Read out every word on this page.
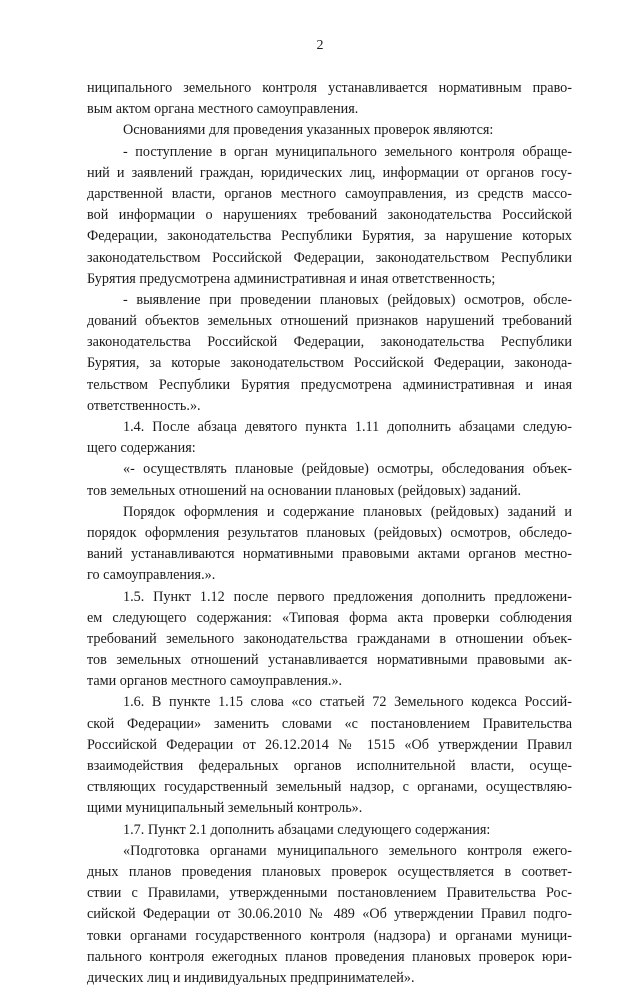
2
ниципального земельного контроля устанавливается нормативным право-
вым актом органа местного самоуправления.
Основаниями для проведения указанных проверок являются:
- поступление в орган муниципального земельного контроля обраще-
ний и заявлений граждан, юридических лиц, информации от органов госу-
дарственной власти, органов местного самоуправления, из средств массо-
вой информации о нарушениях требований законодательства Российской
Федерации, законодательства Республики Бурятия, за нарушение которых
законодательством Российской Федерации, законодательством Республики
Бурятия предусмотрена административная и иная ответственность;
- выявление при проведении плановых (рейдовых) осмотров, обсле-
дований объектов земельных отношений признаков нарушений требований
законодательства Российской Федерации, законодательства Республики
Бурятия, за которые законодательством Российской Федерации, законода-
тельством Республики Бурятия предусмотрена административная и иная
ответственность.».
1.4. После абзаца девятого пункта 1.11 дополнить абзацами следую-
щего содержания:
«- осуществлять плановые (рейдовые) осмотры, обследования объек-
тов земельных отношений на основании плановых (рейдовых) заданий.
Порядок оформления и содержание плановых (рейдовых) заданий и
порядок оформления результатов плановых (рейдовых) осмотров, обследо-
ваний устанавливаются нормативными правовыми актами органов местно-
го самоуправления.».
1.5. Пункт 1.12 после первого предложения дополнить предложени-
ем следующего содержания: «Типовая форма акта проверки соблюдения
требований земельного законодательства гражданами в отношении объек-
тов земельных отношений устанавливается нормативными правовыми ак-
тами органов местного самоуправления.».
1.6. В пункте 1.15 слова «со статьей 72 Земельного кодекса Россий-
ской Федерации» заменить словами «с постановлением Правительства
Российской Федерации от 26.12.2014 № 1515 «Об утверждении Правил
взаимодействия федеральных органов исполнительной власти, осуще-
ствляющих государственный земельный надзор, с органами, осуществляю-
щими муниципальный земельный контроль».
1.7. Пункт 2.1 дополнить абзацами следующего содержания:
«Подготовка органами муниципального земельного контроля ежего-
дных планов проведения плановых проверок осуществляется в соответ-
ствии с Правилами, утвержденными постановлением Правительства Рос-
сийской Федерации от 30.06.2010 № 489 «Об утверждении Правил подго-
товки органами государственного контроля (надзора) и органами муници-
пального контроля ежегодных планов проведения плановых проверок юри-
дических лиц и индивидуальных предпринимателей».
